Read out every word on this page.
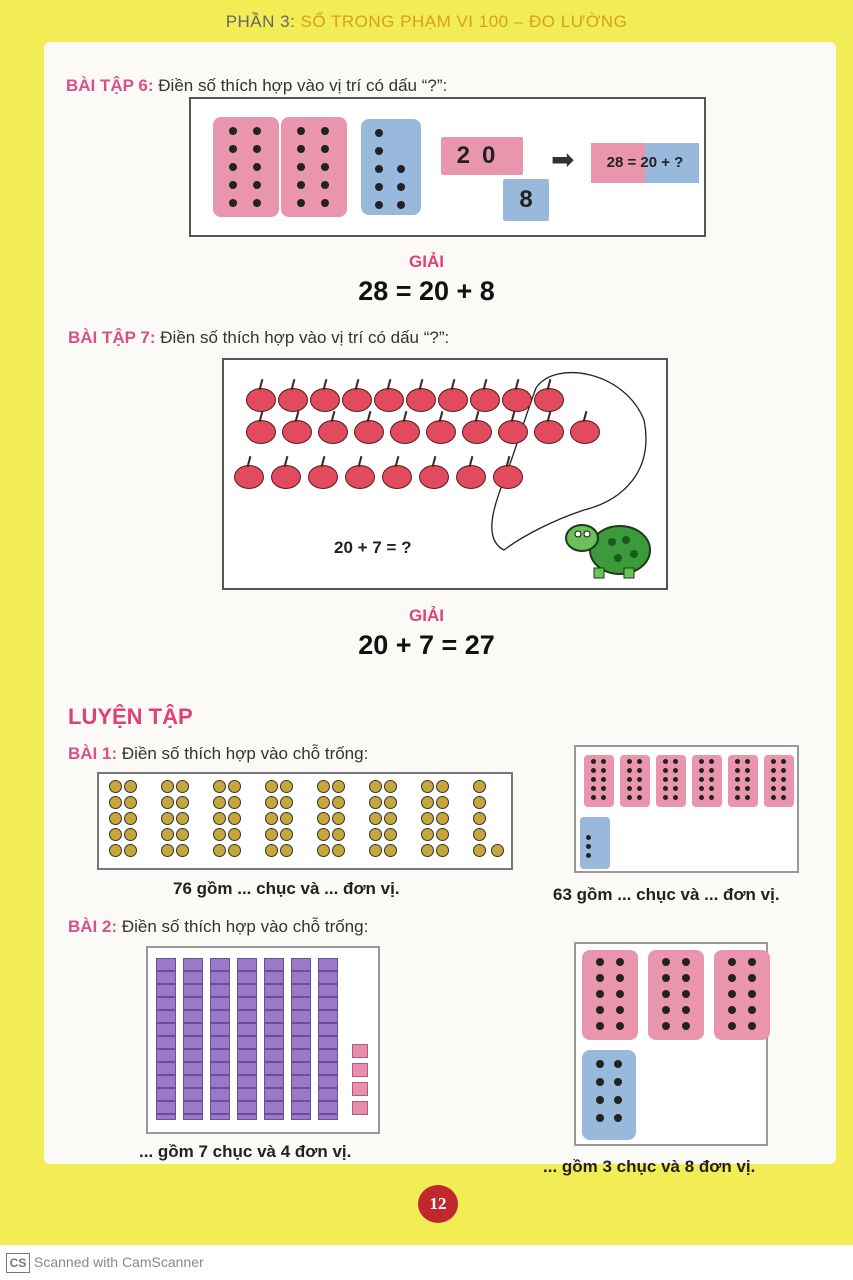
PHẦN 3: SỐ TRONG PHẠM VI 100 – ĐO LƯỜNG
BÀI TẬP 6: Điền số thích hợp vào vị trí có dấu “?”:
20
8
➡	28 = 20 + ?
GIẢI
28 = 20 + 8
BÀI TẬP 7: Điền số thích hợp vào vị trí có dấu “?”:
20 + 7 = ?
GIẢI
20 + 7 = 27
LUYỆN TẬP
BÀI 1: Điền số thích hợp vào chỗ trống:
76 gồm ... chục và ... đơn vị.	63 gồm ... chục và ... đơn vị.
BÀI 2: Điền số thích hợp vào chỗ trống:
... gồm 7 chục và 4 đơn vị.
... gồm 3 chục và 8 đơn vị.
12
CS Scanned with CamScanner
